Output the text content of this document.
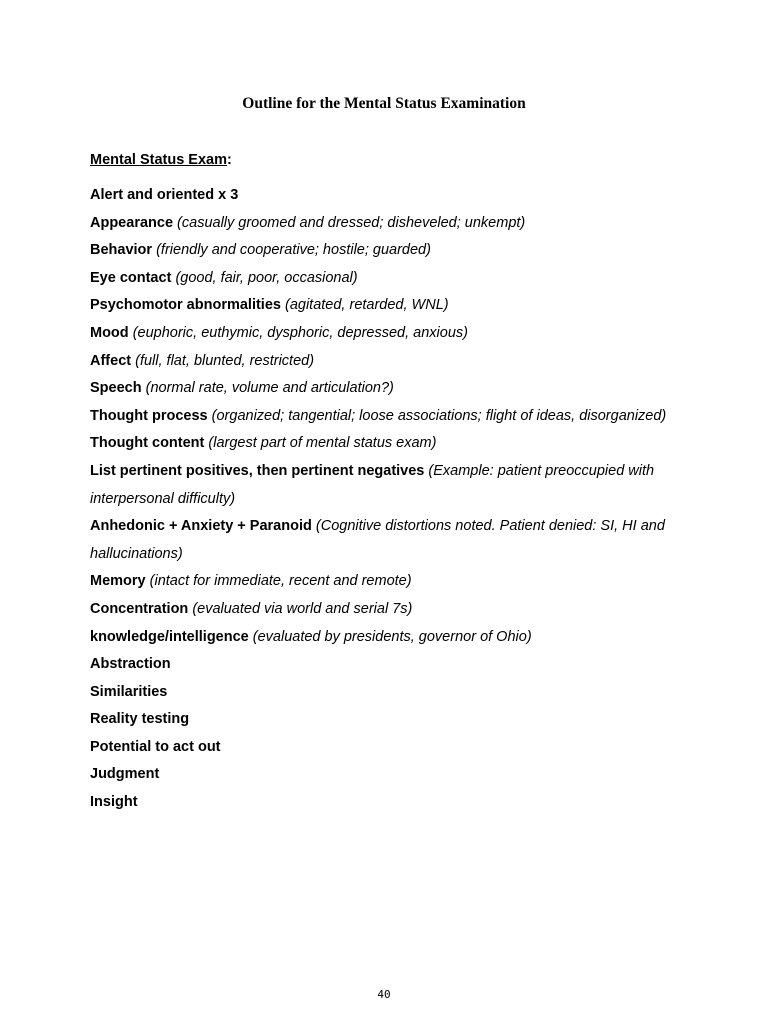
Outline for the Mental Status Examination
Mental Status Exam:
Alert and oriented x 3
Appearance (casually groomed and dressed; disheveled; unkempt)
Behavior (friendly and cooperative; hostile; guarded)
Eye contact (good, fair, poor, occasional)
Psychomotor abnormalities (agitated, retarded, WNL)
Mood (euphoric, euthymic, dysphoric, depressed, anxious)
Affect (full, flat, blunted, restricted)
Speech (normal rate, volume and articulation?)
Thought process (organized; tangential; loose associations; flight of ideas, disorganized)
Thought content (largest part of mental status exam)
List pertinent positives, then pertinent negatives (Example: patient preoccupied with interpersonal difficulty)
Anhedonic + Anxiety + Paranoid (Cognitive distortions noted. Patient denied: SI, HI and hallucinations)
Memory (intact for immediate, recent and remote)
Concentration (evaluated via world and serial 7s)
knowledge/intelligence (evaluated by presidents, governor of Ohio)
Abstraction
Similarities
Reality testing
Potential to act out
Judgment
Insight
40
